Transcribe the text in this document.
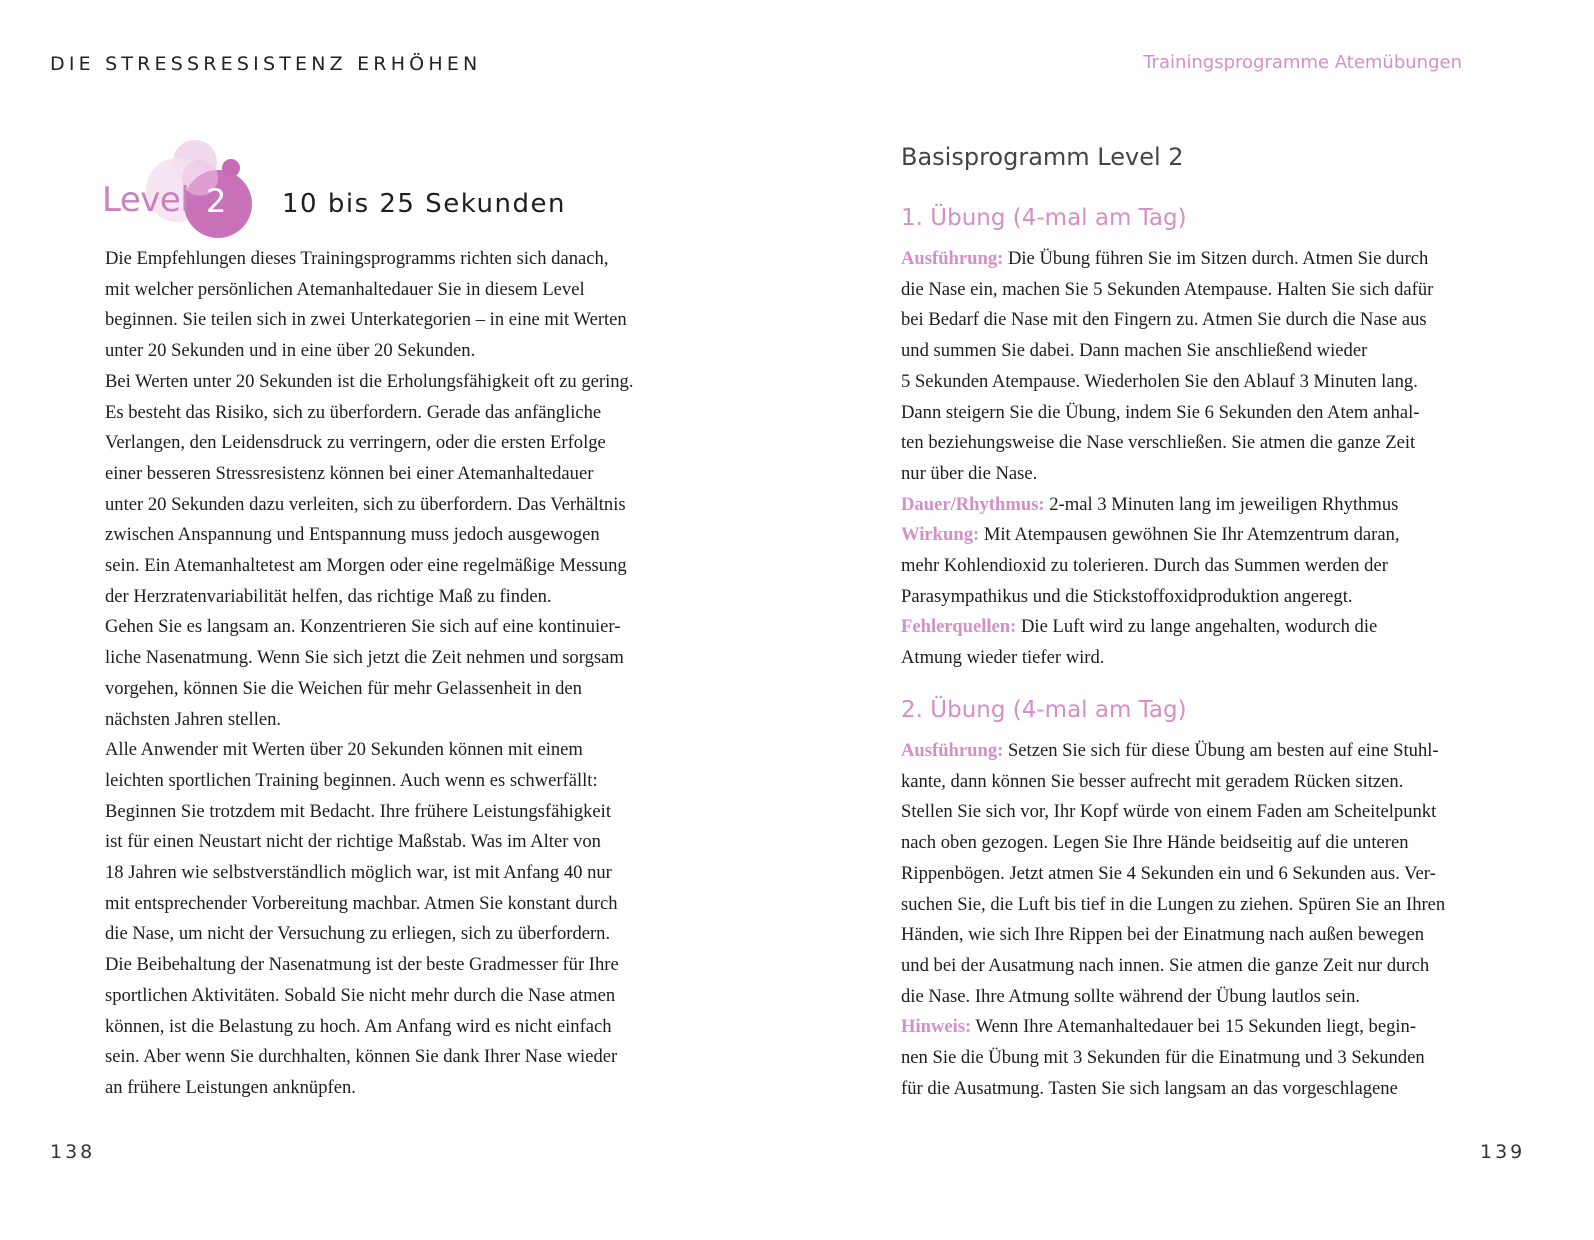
DIE STRESSRESISTENZ ERHÖHEN	Trainingsprogramme Atemübungen
Level 2 10 bis 25 Sekunden
Die Empfehlungen dieses Trainingsprogramms richten sich danach,
mit welcher persönlichen Atemanhaltedauer Sie in diesem Level
beginnen. Sie teilen sich in zwei Unterkategorien – in eine mit Werten
unter 20 Sekunden und in eine über 20 Sekunden.
Bei Werten unter 20 Sekunden ist die Erholungsfähigkeit oft zu gering.
Es besteht das Risiko, sich zu überfordern. Gerade das anfängliche
Verlangen, den Leidensdruck zu verringern, oder die ersten Erfolge
einer besseren Stressresistenz können bei einer Atemanhaltedauer
unter 20 Sekunden dazu verleiten, sich zu überfordern. Das Verhältnis
zwischen Anspannung und Entspannung muss jedoch ausgewogen
sein. Ein Atemanhaltetest am Morgen oder eine regelmäßige Messung
der Herzratenvariabilität helfen, das richtige Maß zu finden.
Gehen Sie es langsam an. Konzentrieren Sie sich auf eine kontinuier-
liche Nasenatmung. Wenn Sie sich jetzt die Zeit nehmen und sorgsam
vorgehen, können Sie die Weichen für mehr Gelassenheit in den
nächsten Jahren stellen.
Alle Anwender mit Werten über 20 Sekunden können mit einem
leichten sportlichen Training beginnen. Auch wenn es schwerfällt:
Beginnen Sie trotzdem mit Bedacht. Ihre frühere Leistungsfähigkeit
ist für einen Neustart nicht der richtige Maßstab. Was im Alter von
18 Jahren wie selbstverständlich möglich war, ist mit Anfang 40 nur
mit entsprechender Vorbereitung machbar. Atmen Sie konstant durch
die Nase, um nicht der Versuchung zu erliegen, sich zu überfordern.
Die Beibehaltung der Nasenatmung ist der beste Gradmesser für Ihre
sportlichen Aktivitäten. Sobald Sie nicht mehr durch die Nase atmen
können, ist die Belastung zu hoch. Am Anfang wird es nicht einfach
sein. Aber wenn Sie durchhalten, können Sie dank Ihrer Nase wieder
an frühere Leistungen anknüpfen.
Basisprogramm Level 2
1. Übung (4-mal am Tag)
Ausführung: Die Übung führen Sie im Sitzen durch. Atmen Sie durch
die Nase ein, machen Sie 5 Sekunden Atempause. Halten Sie sich dafür
bei Bedarf die Nase mit den Fingern zu. Atmen Sie durch die Nase aus
und summen Sie dabei. Dann machen Sie anschließend wieder
5 Sekunden Atempause. Wiederholen Sie den Ablauf 3 Minuten lang.
Dann steigern Sie die Übung, indem Sie 6 Sekunden den Atem anhal-
ten beziehungsweise die Nase verschließen. Sie atmen die ganze Zeit
nur über die Nase.
Dauer/Rhythmus: 2-mal 3 Minuten lang im jeweiligen Rhythmus
Wirkung: Mit Atempausen gewöhnen Sie Ihr Atemzentrum daran,
mehr Kohlendioxid zu tolerieren. Durch das Summen werden der
Parasympathikus und die Stickstoffoxidproduktion angeregt.
Fehlerquellen: Die Luft wird zu lange angehalten, wodurch die
Atmung wieder tiefer wird.
2. Übung (4-mal am Tag)
Ausführung: Setzen Sie sich für diese Übung am besten auf eine Stuhl-
kante, dann können Sie besser aufrecht mit geradem Rücken sitzen.
Stellen Sie sich vor, Ihr Kopf würde von einem Faden am Scheitelpunkt
nach oben gezogen. Legen Sie Ihre Hände beidseitig auf die unteren
Rippenbögen. Jetzt atmen Sie 4 Sekunden ein und 6 Sekunden aus. Ver-
suchen Sie, die Luft bis tief in die Lungen zu ziehen. Spüren Sie an Ihren
Händen, wie sich Ihre Rippen bei der Einatmung nach außen bewegen
und bei der Ausatmung nach innen. Sie atmen die ganze Zeit nur durch
die Nase. Ihre Atmung sollte während der Übung lautlos sein.
Hinweis: Wenn Ihre Atemanhaltedauer bei 15 Sekunden liegt, begin-
nen Sie die Übung mit 3 Sekunden für die Einatmung und 3 Sekunden
für die Ausatmung. Tasten Sie sich langsam an das vorgeschlagene
138	139
